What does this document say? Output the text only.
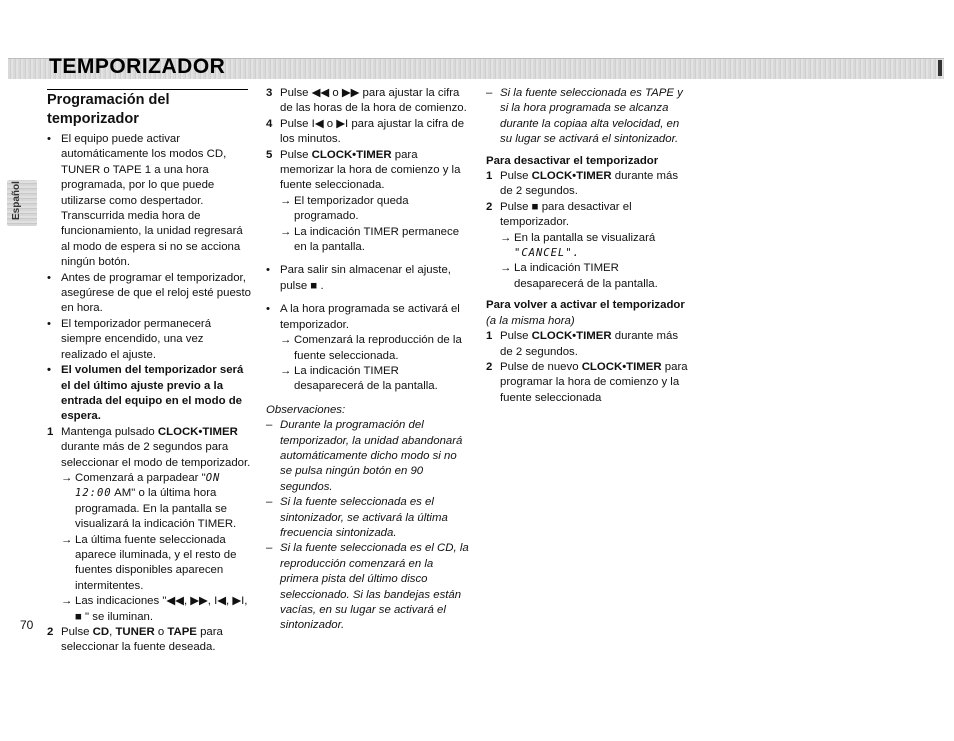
TEMPORIZADOR
Español
Programación del temporizador
• El equipo puede activar automáticamente los modos CD, TUNER o TAPE 1 a una hora programada, por lo que puede utilizarse como despertador. Transcurrida media hora de funcionamiento, la unidad regresará al modo de espera si no se acciona ningún botón.
• Antes de programar el temporizador, asegúrese de que el reloj esté puesto en hora.
• El temporizador permanecerá siempre encendido, una vez realizado el ajuste.
• El volumen del temporizador será el del último ajuste previo a la entrada del equipo en el modo de espera.
1 Mantenga pulsado CLOCK•TIMER durante más de 2 segundos para seleccionar el modo de temporizador.
→ Comenzará a parpadear "ON
12:00 AM" o la última hora programada. En la pantalla se visualizará la indicación TIMER.
→ La última fuente seleccionada aparece iluminada, y el resto de fuentes disponibles aparecen intermitentes.
→ Las indicaciones "◀◀, ▶▶, I◀, ▶I, ■ " se iluminan.
2 Pulse CD, TUNER o TAPE para seleccionar la fuente deseada.
3 Pulse ◀◀ o ▶▶ para ajustar la cifra de las horas de la hora de comienzo.
4 Pulse I◀ o ▶I para ajustar la cifra de los minutos.
5 Pulse CLOCK•TIMER para memorizar la hora de comienzo y la fuente seleccionada.
→ El temporizador queda programado.
→ La indicación TIMER permanece en la pantalla.
• Para salir sin almacenar el ajuste, pulse ■ .
• A la hora programada se activará el temporizador.
→ Comenzará la reproducción de la fuente seleccionada.
→ La indicación TIMER desaparecerá de la pantalla.
Observaciones:
– Durante la programación del temporizador, la unidad abandonará automáticamente dicho modo si no se pulsa ningún botón en 90 segundos.
– Si la fuente seleccionada es el sintonizador, se activará la última frecuencia sintonizada.
– Si la fuente seleccionada es el CD, la reproducción comenzará en la primera pista del último disco seleccionado. Si las bandejas están vacías, en su lugar se activará el sintonizador.
– Si la fuente seleccionada es TAPE y si la hora programada se alcanza durante la copiaa alta velocidad, en su lugar se activará el sintonizador.
Para desactivar el temporizador
1 Pulse CLOCK•TIMER durante más de 2 segundos.
2 Pulse ■ para desactivar el temporizador.
→ En la pantalla se visualizará
"CANCEL".
→ La indicación TIMER desaparecerá de la pantalla.
Para volver a activar el temporizador
(a la misma hora)
1 Pulse CLOCK•TIMER durante más de 2 segundos.
2 Pulse de nuevo CLOCK•TIMER para programar la hora de comienzo y la fuente seleccionada
70
